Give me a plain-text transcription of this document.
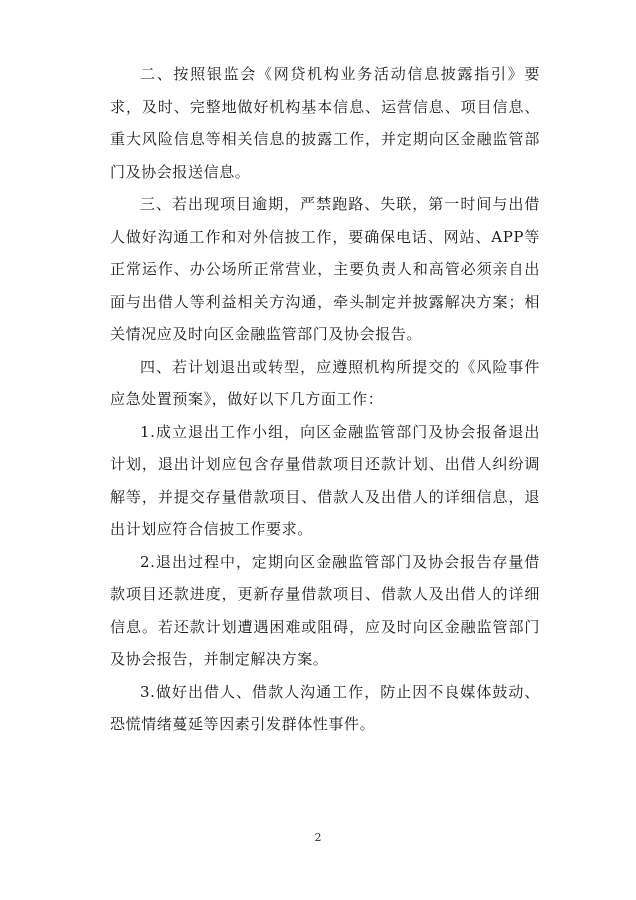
二、按照银监会《网贷机构业务活动信息披露指引》要求，及时、完整地做好机构基本信息、运营信息、项目信息、重大风险信息等相关信息的披露工作，并定期向区金融监管部门及协会报送信息。

三、若出现项目逾期，严禁跑路、失联，第一时间与出借人做好沟通工作和对外信披工作，要确保电话、网站、APP等正常运作、办公场所正常营业，主要负责人和高管必须亲自出面与出借人等利益相关方沟通，牵头制定并披露解决方案；相关情况应及时向区金融监管部门及协会报告。

四、若计划退出或转型，应遵照机构所提交的《风险事件应急处置预案》，做好以下几方面工作：

1.成立退出工作小组，向区金融监管部门及协会报备退出计划，退出计划应包含存量借款项目还款计划、出借人纠纷调解等，并提交存量借款项目、借款人及出借人的详细信息，退出计划应符合信披工作要求。

2.退出过程中，定期向区金融监管部门及协会报告存量借款项目还款进度，更新存量借款项目、借款人及出借人的详细信息。若还款计划遭遇困难或阻碍，应及时向区金融监管部门及协会报告，并制定解决方案。

3.做好出借人、借款人沟通工作，防止因不良媒体鼓动、恐慌情绪蔓延等因素引发群体性事件。

2
